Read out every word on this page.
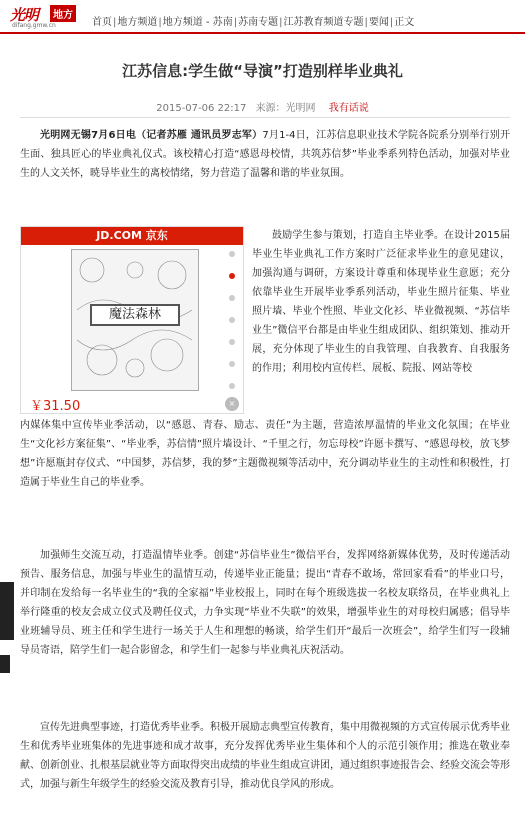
光明	地方
difang.gmw.cn	首页|地方频道|地方频道 - 苏南|苏南专题|江苏教育频道专题|要闻|正文
江苏信息:学生做“导演”打造别样毕业典礼
2015-07-06 22:17 来源：光明网 我有话说

光明网无锡7月6日电（记者苏雁 通讯员罗志军）7月1-4日，江苏信息职业技术学院各院系分别举行别开生面、独具匠心的毕业典礼仪式。该校精心打造“感恩母校情，共筑苏信梦”毕业季系列特色活动，加强对毕业生的人文关怀，暁导毕业生的离校情绪，努力营造了温馨和谐的毕业氛围。

JD.COM 京东
魔法森林
￥31.50	×

鼓励学生参与策划，打造自主毕业季。在设计2015届毕业生毕业典礼工作方案时广泛征求毕业生的意见建议，加强沟通与调研，方案设计尊重和体现毕业生意愿；充分依靠毕业生开展毕业季系列活动，毕业生照片征集、毕业照片墙、毕业个性照、毕业文化衫、毕业微视频、“苏信毕业生”微信平台都是由毕业生组成团队、组织策划、推动开展，充分体现了毕业生的自我管理、自我教育、自我服务的作用；利用校内宣传栏、展板、院报、网站等校

内媒体集中宣传毕业季活动，以“感恩、青春、励志、责任”为主题，营造浓厚温情的毕业文化氛围；在毕业生“文化衫方案征集”、“毕业季，苏信情”照片墙设计、“千里之行，勿忘母校”许愿卡撰写、“感恩母校，放飞梦想”许愿瓶封存仪式、“中国梦，苏信梦，我的梦”主题微视频等活动中，充分调动毕业生的主动性和积极性，打造属于毕业生自己的毕业季。

加强师生交流互动，打造温情毕业季。创建“苏信毕业生”微信平台，发挥网络新媒体优势，及时传递活动预告、服务信息，加强与毕业生的温情互动，传递毕业正能量；提出“青春不敢场，常回家看看”的毕业口号，并印制在发给每一名毕业生的“我的全家福”毕业校报上，同时在每个班级选拔一名校友联络员，在毕业典礼上举行隆重的校友会成立仪式及聘任仪式，力争实现“毕业不失联”的效果，增强毕业生的对母校归属感；倡导毕业班辅导员、班主任和学生进行一场关于人生和理想的畅谈，给学生们开“最后一次班会”，给学生们写一段辅导员寄语，陪学生们一起合影留念，和学生们一起参与毕业典礼庆祝活动。

宣传先进典型事迹，打造优秀毕业季。积极开展励志典型宣传教育，集中用微视频的方式宣传展示优秀毕业生和优秀毕业班集体的先进事迹和成才故事，充分发挥优秀毕业生集体和个人的示范引领作用；推选在敬业奉献、创新创业、扎根基层就业等方面取得突出成绩的毕业生组成宣讲团，通过组织事迹报告会、经验交流会等形式，加强与新生年级学生的经验交流及教育引导，推动优良学风的形成。
